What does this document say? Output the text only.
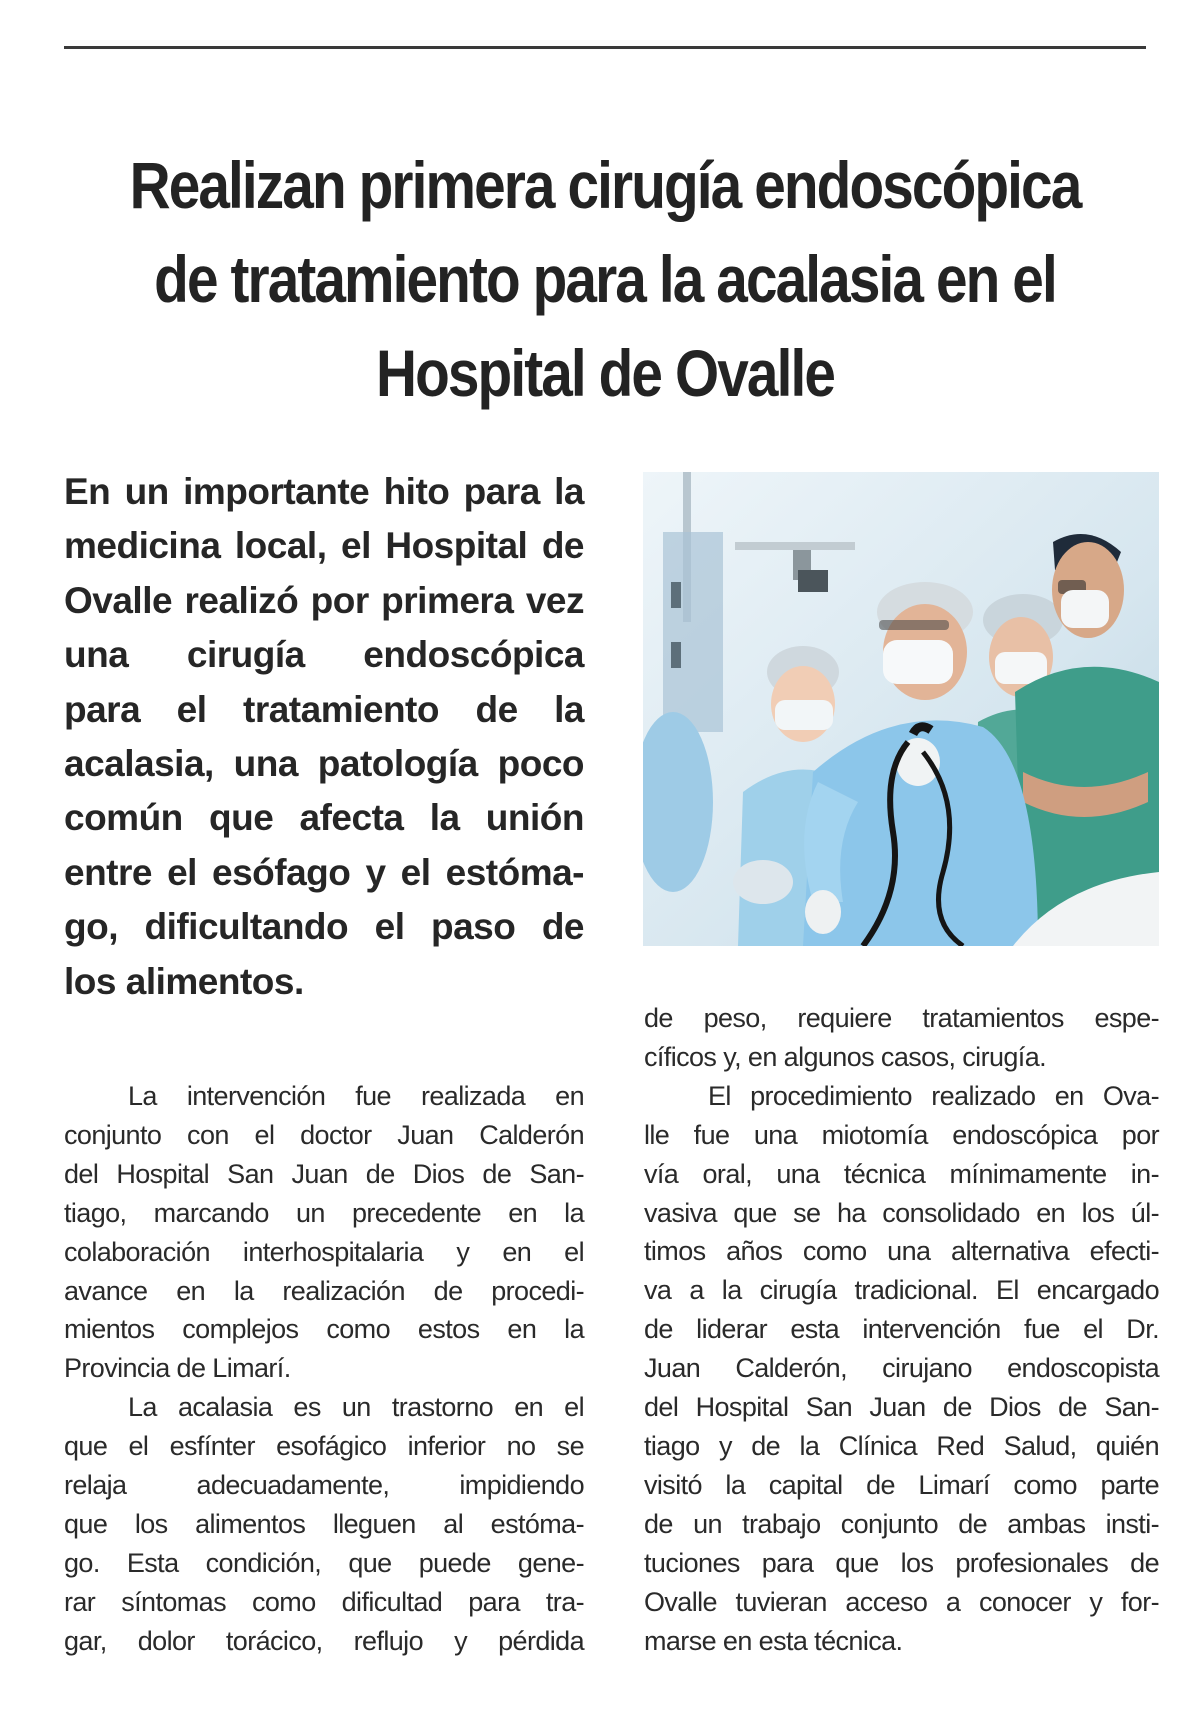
Realizan primera cirugía endoscópica
de tratamiento para la acalasia en el
Hospital de Ovalle

En un importante hito para la
medicina local, el Hospital de
Ovalle realizó por primera vez
una cirugía endoscópica
para el tratamiento de la
acalasia, una patología poco
común que afecta la unión
entre el esófago y el estóma-
go, dificultando el paso de
los alimentos.

La intervención fue realizada en
conjunto con el doctor Juan Calderón
del Hospital San Juan de Dios de San-
tiago, marcando un precedente en la
colaboración interhospitalaria y en el
avance en la realización de procedi-
mientos complejos como estos en la
Provincia de Limarí.
La acalasia es un trastorno en el
que el esfínter esofágico inferior no se
relaja adecuadamente, impidiendo
que los alimentos lleguen al estóma-
go. Esta condición, que puede gene-
rar síntomas como dificultad para tra-
gar, dolor torácico, reflujo y pérdida
de peso, requiere tratamientos espe-
cíficos y, en algunos casos, cirugía.
El procedimiento realizado en Ova-
lle fue una miotomía endoscópica por
vía oral, una técnica mínimamente in-
vasiva que se ha consolidado en los úl-
timos años como una alternativa efecti-
va a la cirugía tradicional. El encargado
de liderar esta intervención fue el Dr.
Juan Calderón, cirujano endoscopista
del Hospital San Juan de Dios de San-
tiago y de la Clínica Red Salud, quién
visitó la capital de Limarí como parte
de un trabajo conjunto de ambas insti-
tuciones para que los profesionales de
Ovalle tuvieran acceso a conocer y for-
marse en esta técnica.
